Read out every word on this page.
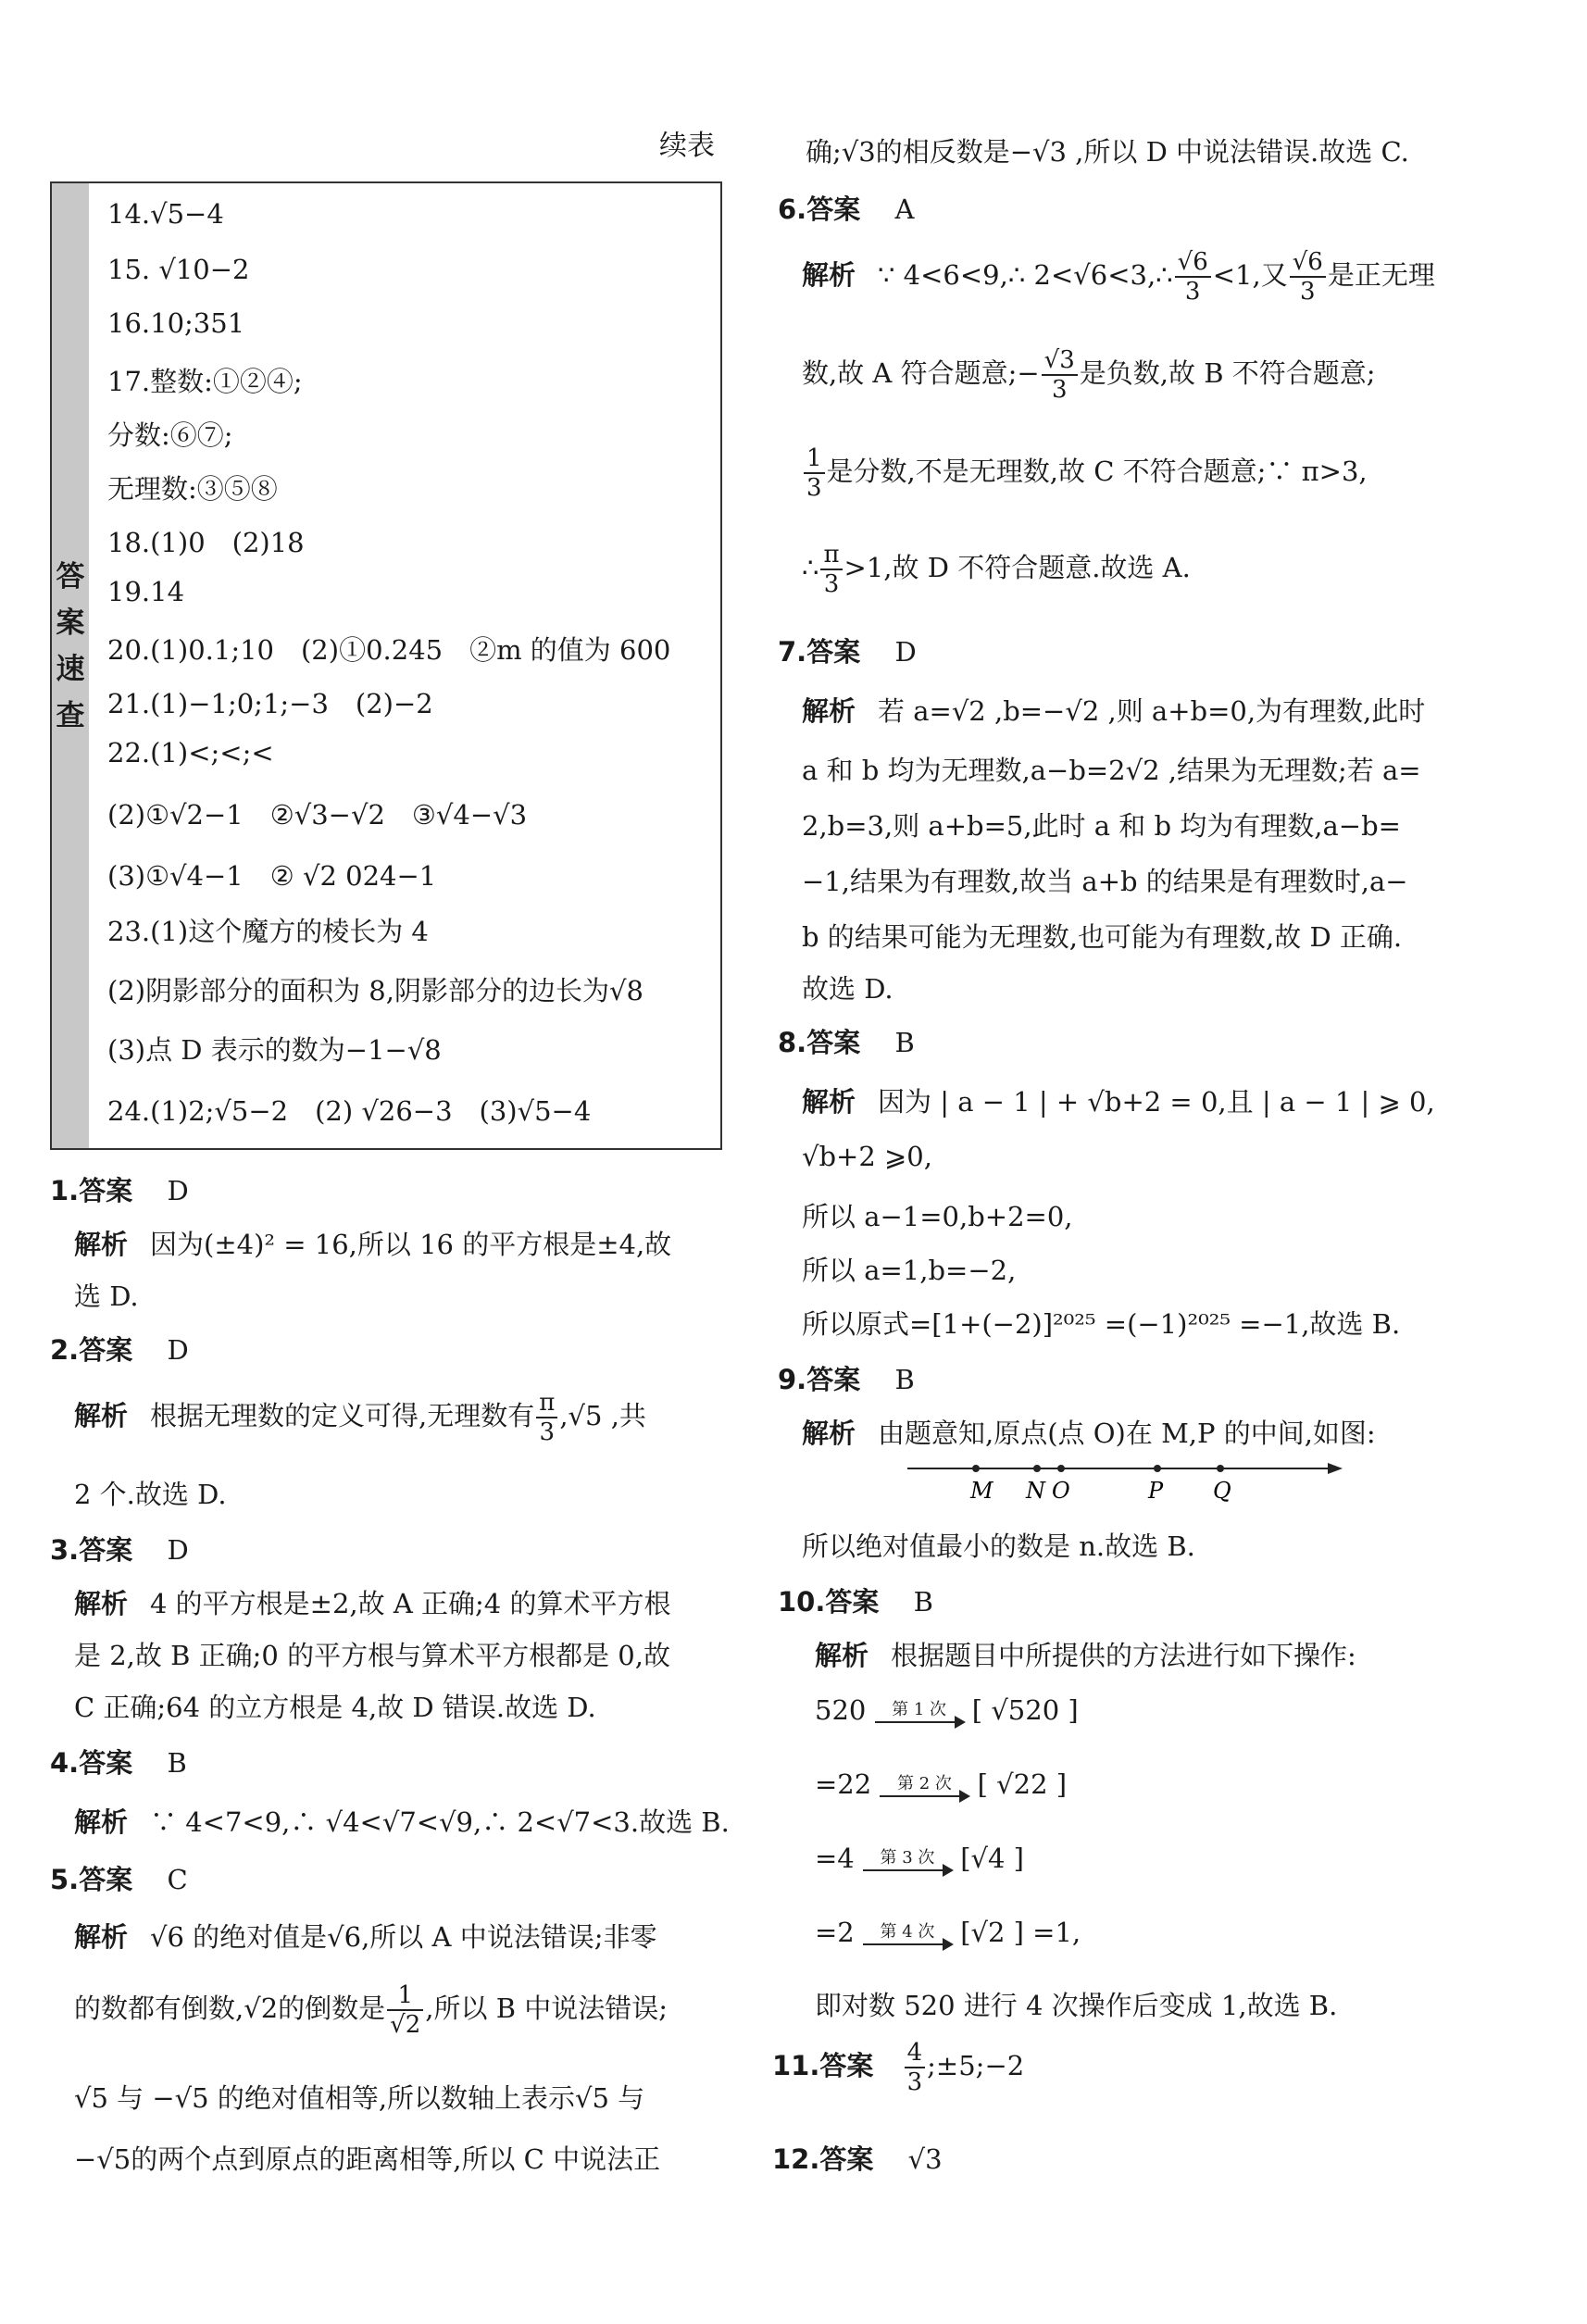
续表
答案速查
14.√5−4
15. √10−2
16.10;351
17.整数:①②④;
分数:⑥⑦;
无理数:③⑤⑧
18.(1)0　(2)18
19.14
20.(1)0.1;10　(2)①0.245　②m 的值为 600
21.(1)−1;0;1;−3　(2)−2
22.(1)<;<;<
(2)①√2−1　②√3−√2　③√4−√3
(3)①√4−1　② √2 024−1
23.(1)这个魔方的棱长为 4
(2)阴影部分的面积为 8,阴影部分的边长为√8
(3)点 D 表示的数为−1−√8
24.(1)2;√5−2　(2) √26−3　(3)√5−4
1.答案 D
解析 因为(±4)² = 16,所以 16 的平方根是±4,故
选 D.
2.答案 D
解析 根据无理数的定义可得,无理数有 $\frac{\pi}{3} ,√5$ ,共
2 个.故选 D.
3.答案 D
解析 4 的平方根是±2,故 A 正确;4 的算术平方根
是 2,故 B 正确;0 的平方根与算术平方根都是 0,故
C 正确;64 的立方根是 4,故 D 错误.故选 D.
4.答案 B
解析 ∵ 4<7<9,∴ √4<√7<√9,∴ 2<√7<3.故选 B.
5.答案 C
解析 √6 的绝对值是√6,所以 A 中说法错误;非零
的数都有倒数,√2的倒数是 $\frac{1}{√2}$ ,所以 B 中说法错误;
√5 与 −√5 的绝对值相等,所以数轴上表示√5 与
−√5的两个点到原点的距离相等,所以 C 中说法正
确;√3的相反数是−√3 ,所以 D 中说法错误.故选 C.
6.答案 A
解析 ∵ 4<6<9,∴ 2<√6<3,∴ $\frac{√6}{3} <1$,又 $\frac{√6}{3}$ 是正无理
数,故 A 符合题意;− $\frac{√3}{3}$ 是负数,故 B 不符合题意;
$\frac{1}{3}$ 是分数,不是无理数,故 C 不符合题意;∵ π>3,
∴ $\frac{\pi}{3} >1$,故 D 不符合题意.故选 A.
7.答案 D
解析 若 a=√2 ,b=−√2 ,则 a+b=0,为有理数,此时
a 和 b 均为无理数,a−b=2√2 ,结果为无理数;若 a=
2,b=3,则 a+b=5,此时 a 和 b 均为有理数,a−b=
−1,结果为有理数,故当 a+b 的结果是有理数时,a−
b 的结果可能为无理数,也可能为有理数,故 D 正确.
故选 D.
8.答案 B
解析 因为 | a − 1 | + √b+2 = 0,且 | a − 1 | ⩾ 0,
√b+2 ⩾0,
所以 a−1=0,b+2=0,
所以 a=1,b=−2,
所以原式=[1+(−2)]²⁰²⁵ =(−1)²⁰²⁵ =−1,故选 B.
9.答案 B
解析 由题意知,原点(点 O)在 M,P 的中间,如图:
M N O	P Q
所以绝对值最小的数是 n.故选 B.
10.答案 B
解析 根据题目中所提供的方法进行如下操作:
520	第 1 次 [ √520 ]
=22	第 2 次 [ √22 ]
=4	第 3 次 [√4 ]
=2	第 4 次 [√2 ] =1,
即对数 520 进行 4 次操作后变成 1,故选 B.
11.答案 $\frac{4}{3}$ ;±5;−2
12.答案 √3
